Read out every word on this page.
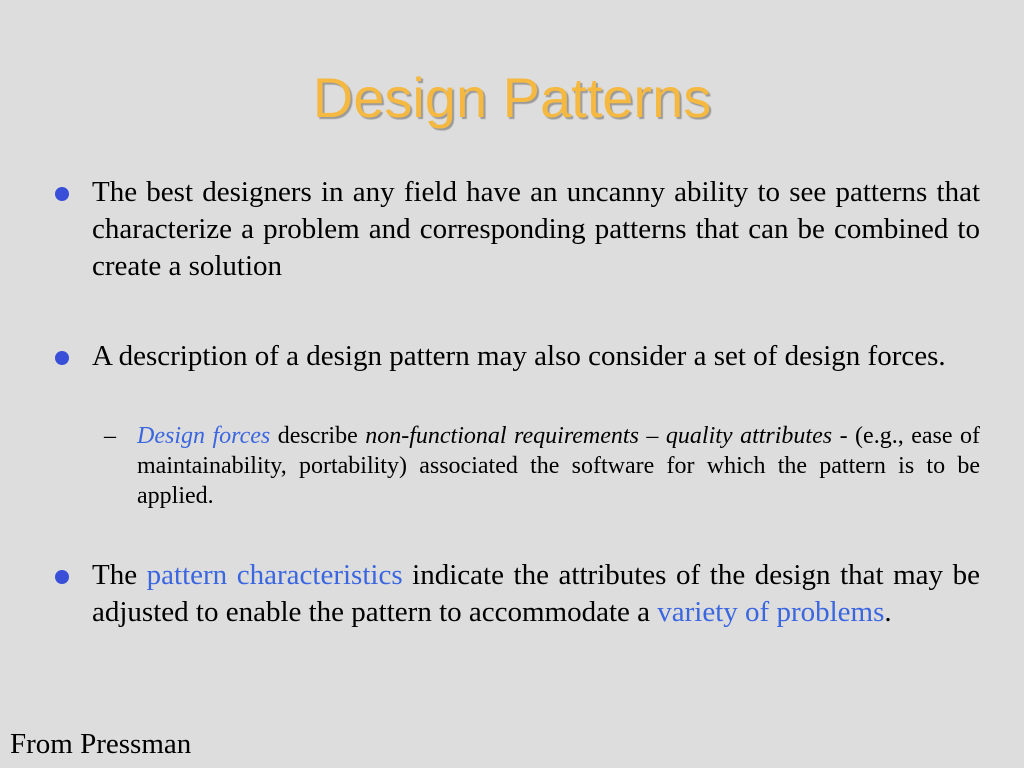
Design Patterns
The best designers in any field have an uncanny ability to see patterns that characterize a problem and corresponding patterns that can be combined to create a solution
A description of a design pattern may also consider a set of design forces.
– Design forces describe non-functional requirements – quality attributes - (e.g., ease of maintainability, portability) associated the software for which the pattern is to be applied.
The pattern characteristics indicate the attributes of the design that may be adjusted to enable the pattern to accommodate a variety of problems.
From Pressman
